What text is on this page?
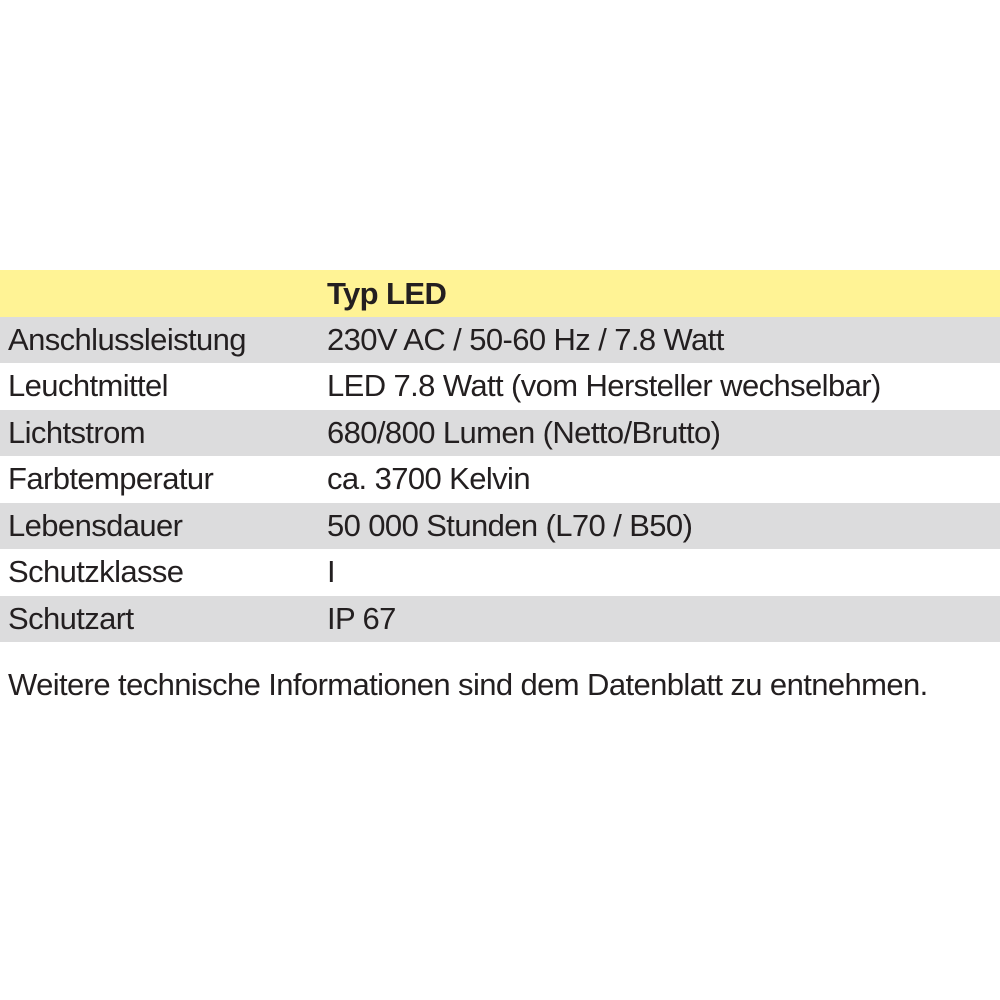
Typ LED
Anschlussleistung	230V AC / 50-60 Hz / 7.8 Watt
Leuchtmittel	LED 7.8 Watt (vom Hersteller wechselbar)
Lichtstrom	680/800 Lumen (Netto/Brutto)
Farbtemperatur	ca. 3700 Kelvin
Lebensdauer	50 000 Stunden (L70 / B50)
Schutzklasse	I
Schutzart	IP 67
Weitere technische Informationen sind dem Datenblatt zu entnehmen.
